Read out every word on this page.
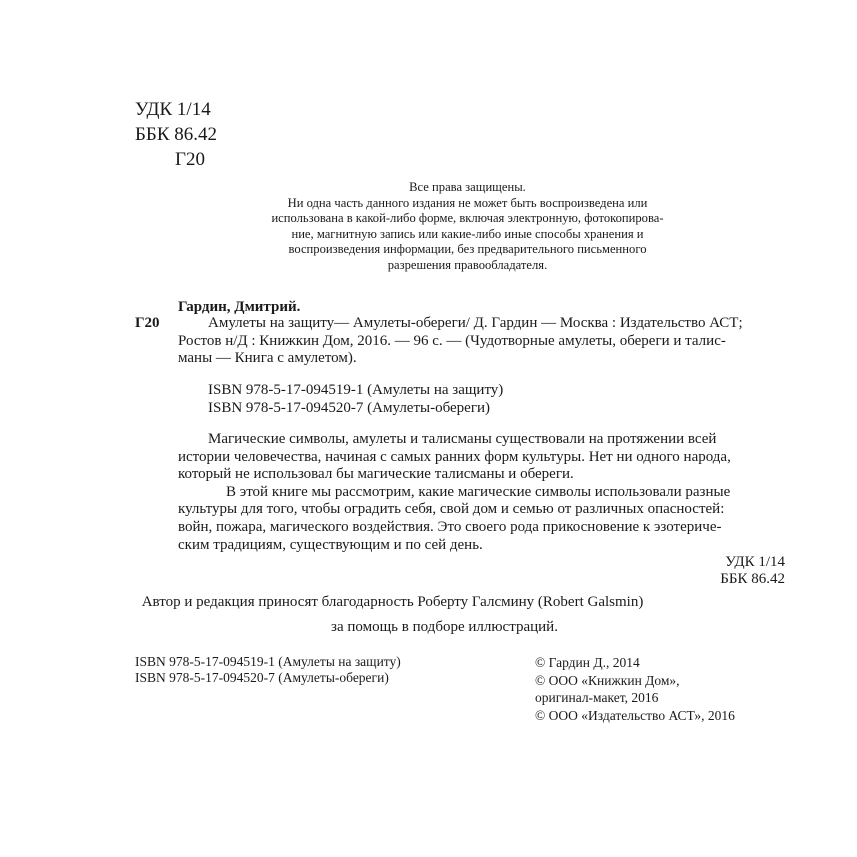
УДК 1/14
ББК 86.42
Г20
Все права защищены.
Ни одна часть данного издания не может быть воспроизведена или
использована в какой-либо форме, включая электронную, фотокопирова-
ние, магнитную запись или какие-либо иные способы хранения и
воспроизведения информации, без предварительного письменного
разрешения правообладателя.
Гардин, Дмитрий.
Г20	Амулеты на защиту— Амулеты-обереги/ Д. Гардин — Москва : Издательство АСТ;
Ростов н/Д : Книжкин Дом, 2016. — 96 с. — (Чудотворные амулеты, обереги и талис-
маны — Книга с амулетом).
ISBN 978-5-17-094519-1 (Амулеты на защиту)
ISBN 978-5-17-094520-7 (Амулеты-обереги)
Магические символы, амулеты и талисманы существовали на протяжении всей
истории человечества, начиная с самых ранних форм культуры. Нет ни одного народа,
который не использовал бы магические талисманы и обереги.
В этой книге мы рассмотрим, какие магические символы использовали разные
культуры для того, чтобы оградить себя, свой дом и семью от различных опасностей:
войн, пожара, магического воздействия. Это своего рода прикосновение к эзотериче-
ским традициям, существующим и по сей день.
УДК 1/14
ББК 86.42
Автор и редакция приносят благодарность Роберту Галсмину (Robert Galsmin)
за помощь в подборе иллюстраций.
ISBN 978-5-17-094519-1 (Амулеты на защиту)
ISBN 978-5-17-094520-7 (Амулеты-обереги)
© Гардин Д., 2014
© ООО «Книжкин Дом»,
оригинал-макет, 2016
© ООО «Издательство АСТ», 2016
